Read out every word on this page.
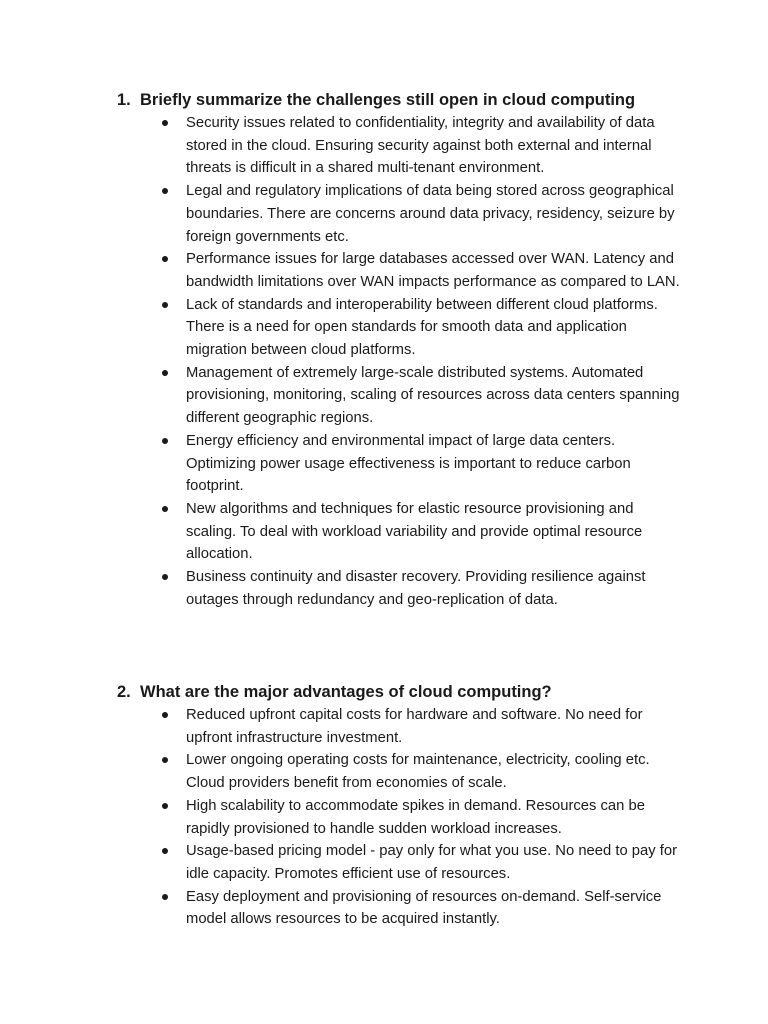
1. Briefly summarize the challenges still open in cloud computing
Security issues related to confidentiality, integrity and availability of data stored in the cloud. Ensuring security against both external and internal threats is difficult in a shared multi-tenant environment.
Legal and regulatory implications of data being stored across geographical boundaries. There are concerns around data privacy, residency, seizure by foreign governments etc.
Performance issues for large databases accessed over WAN. Latency and bandwidth limitations over WAN impacts performance as compared to LAN.
Lack of standards and interoperability between different cloud platforms. There is a need for open standards for smooth data and application migration between cloud platforms.
Management of extremely large-scale distributed systems. Automated provisioning, monitoring, scaling of resources across data centers spanning different geographic regions.
Energy efficiency and environmental impact of large data centers. Optimizing power usage effectiveness is important to reduce carbon footprint.
New algorithms and techniques for elastic resource provisioning and scaling. To deal with workload variability and provide optimal resource allocation.
Business continuity and disaster recovery. Providing resilience against outages through redundancy and geo-replication of data.
2. What are the major advantages of cloud computing?
Reduced upfront capital costs for hardware and software. No need for upfront infrastructure investment.
Lower ongoing operating costs for maintenance, electricity, cooling etc. Cloud providers benefit from economies of scale.
High scalability to accommodate spikes in demand. Resources can be rapidly provisioned to handle sudden workload increases.
Usage-based pricing model - pay only for what you use. No need to pay for idle capacity. Promotes efficient use of resources.
Easy deployment and provisioning of resources on-demand. Self-service model allows resources to be acquired instantly.
